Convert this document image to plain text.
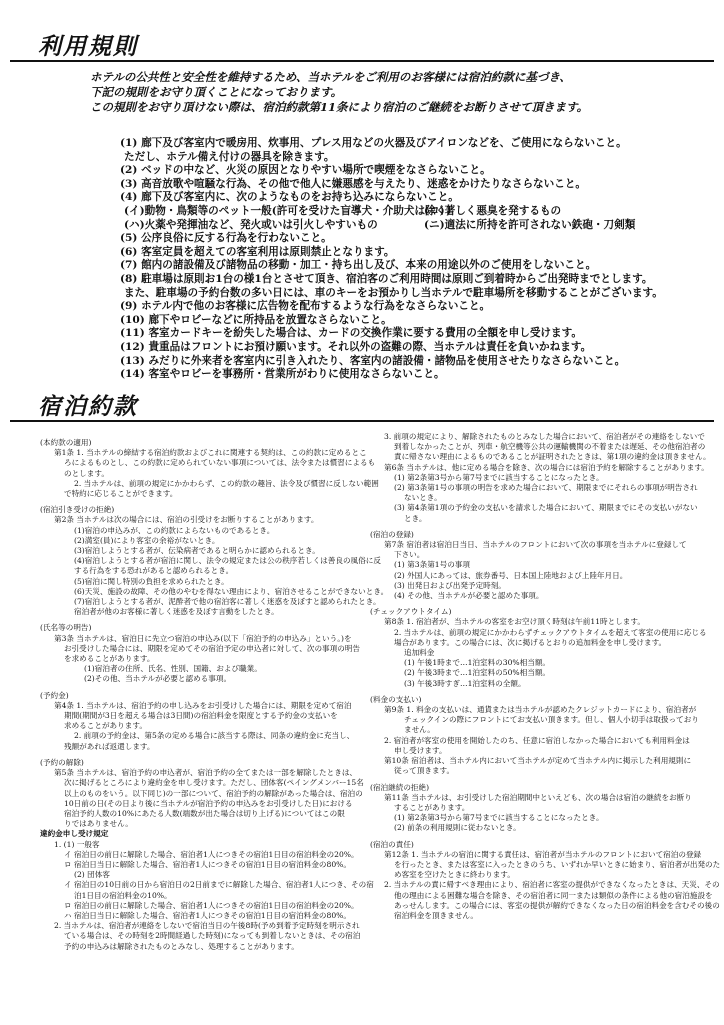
利用規則
ホテルの公共性と安全性を維持するため、当ホテルをご利用のお客様には宿泊約款に基づき、
下記の規則をお守り頂くことになっております。
この規則をお守り頂けない際は、宿泊約款第11条により宿泊のご継続をお断りさせて頂きます。
(1) 廊下及び客室内で暖房用、炊事用、プレス用などの火器及びアイロンなどを、ご使用にならないこと。
ただし、ホテル備え付けの器具を除きます。
(2) ベッドの中など、火災の原因となりやすい場所で喫煙をなさらないこと。
(3) 高音放歌や喧騒な行為、その他で他人に嫌悪感を与えたり、迷惑をかけたりなさらないこと。
(4) 廊下及び客室内に、次のようなものをお持ち込みにならないこと。
(イ)動物・鳥類等のペット一般(許可を受けた盲導犬・介助犬は除く)
(ロ)著しく悪臭を発するもの
(ハ)火薬や発揮油など、発火或いは引火しやすいもの	(ニ)適法に所持を許可されない鉄砲・刀剣類
(5) 公序良俗に反する行為を行わないこと。
(6) 客室定員を超えての客室利用は原則禁止となります。
(7) 館内の諸設備及び諸物品の移動・加工・持ち出し及び、本来の用途以外のご使用をしないこと。
(8) 駐車場は原則お1台の様1台とさせて頂き、宿泊客のご利用時間は原則ご到着時からご出発時までとします。
また、駐車場の予約台数の多い日には、車のキーをお預かりし当ホテルで駐車場所を移動することがございます。
(9) ホテル内で他のお客様に広告物を配布するような行為をなさらないこと。
(10) 廊下やロビーなどに所持品を放置なさらないこと。
(11) 客室カードキーを紛失した場合は、カードの交換作業に要する費用の全額を申し受けます。
(12) 貴重品はフロントにお預け願います。それ以外の盗難の際、当ホテルは責任を負いかねます。
(13) みだりに外来者を客室内に引き入れたり、客室内の諸設備・諸物品を使用させたりなさらないこと。
(14) 客室やロビーを事務所・営業所がわりに使用なさらないこと。
宿泊約款
(本約款の適用)
第1条 1. 当ホテルの締結する宿泊約款およびこれに関連する契約は、この約款に定めるとこ
ろによるものとし、この約款に定められていない事項については、法令または慣習によるも
のとします。
2. 当ホテルは、前項の規定にかかわらず、この約款の趣旨、法令及び慣習に反しない範囲
で特約に応じることができます。
(宿泊引き受けの拒絶)
第2条 当ホテルは次の場合には、宿泊の引受けをお断りすることがあります。
(1)宿泊の申込みが、この約款によらないものであるとき。
(2)満室(員)により客室の余裕がないとき。
(3)宿泊しようとする者が、伝染病者であると明らかに認められるとき。
(4)宿泊しようとする者が宿泊に関し、法令の規定または公の秩序若しくは善良の風俗に反
する行為をする恐れがあると認められるとき。
(5)宿泊に関し特別の負担を求められたとき。
(6)天災、施設の故障、その他のやむを得ない理由により、宿泊させることができないとき。
(7)宿泊しようとする者が、泥酔者で他の宿泊客に著しく迷惑を及ぼすと認められたとき。
宿泊者が他のお客様に著しく迷惑を及ぼす言動をしたとき。
(氏名等の明告)
第3条 当ホテルは、宿泊日に先立つ宿泊の申込み(以下「宿泊予約の申込み」という。)を
お引受けした場合には、期限を定めてその宿泊予定の申込者に対して、次の事項の明告
を求めることがあります。
(1)宿泊者の住所、氏名、性別、国籍、および職業。
(2)その他、当ホテルが必要と認める事項。
(予約金)
第4条 1. 当ホテルは、宿泊予約の申し込みをお引受けした場合には、期限を定めて宿泊
期間(期間が3日を超える場合は3日間)の宿泊料金を限度とする予約金の支払いを
求めることがあります。
2. 前項の予約金は、第5条の定める場合に該当する際は、同条の違約金に充当し、
残額があれば返還します。
(予約の解除)
第5条 当ホテルは、宿泊予約の申込者が、宿泊予約の全てまたは一部を解除したときは、
次に掲げるところにより違約金を申し受けます。ただし、団体客(ペイングメンバー15名
以上のものをいう。以下同じ)の一部について、宿泊予約の解除があった場合は、宿泊の
10日前の日(その日より後に当ホテルが宿泊予約の申込みをお引受けした日)における
宿泊予約人数の10%にあたる人数(端数が出た場合は切り上げる)についてはこの限
りではありません。
違約金申し受け規定
1. (1) 一般客
イ 宿泊日の前日に解除した場合、宿泊者1人につきその宿泊1日目の宿泊料金の20%。
ロ 宿泊日当日に解除した場合、宿泊者1人につきその宿泊1日目の宿泊料金の80%。
(2) 団体客
イ 宿泊日の10日前の日から宿泊日の2日前までに解除した場合、宿泊者1人につき、その宿
泊1日目の宿泊料金の10%。
ロ 宿泊日の前日に解除した場合、宿泊者1人につきその宿泊1日目の宿泊料金の20%。
ハ 宿泊日当日に解除した場合、宿泊者1人につきその宿泊1日目の宿泊料金の80%。
2. 当ホテルは、宿泊者が連絡をしないで宿泊当日の午後8時(予め到着予定時刻を明示され
ている場合は、その時刻を2時間経過した時刻)になっても到着しないときは、その宿泊
予約の申込みは解除されたものとみなし、処理することがあります。
3. 前項の規定により、解除されたものとみなした場合において、宿泊者がその連絡をしないで
到着しなかったことが、列車・航空機等公共の運輸機関の不着または遅延、その他宿泊者の
責に帰さない理由によるものであることが証明されたときは、第1項の違約金は頂きません。
第6条 当ホテルは、他に定める場合を除き、次の場合には宿泊予約を解除することがあります。
(1) 第2条第3号から第7号までに該当することになったとき。
(2) 第3条第1号の事項の明告を求めた場合において、期限までにそれらの事項が明告され
ないとき。
(3) 第4条第1項の予約金の支払いを請求した場合において、期限までにその支払いがない
とき。
(宿泊の登録)
第7条 宿泊者は宿泊日当日、当ホテルのフロントにおいて次の事項を当ホテルに登録して
下さい。
(1) 第3条第1号の事項
(2) 外国人にあっては、旅券番号、日本国上陸地および上陸年月日。
(3) 出発日および出発予定時刻。
(4) その他、当ホテルが必要と認めた事項。
(チェックアウトタイム)
第8条 1. 宿泊者が、当ホテルの客室をお空け頂く時刻は午前11時とします。
2. 当ホテルは、前項の規定にかかわらずチェックアウトタイムを超えて客室の使用に応じる
場合があります。この場合には、次に掲げるとおりの追加料金を申し受けます。
追加料金
(1) 午後1時まで…1泊室料の30%相当額。
(2) 午後3時まで…1泊室料の50%相当額。
(3) 午後3時すぎ…1泊室料の全額。
(料金の支払い)
第9条 1. 料金の支払いは、通貨または当ホテルが認めたクレジットカードにより、宿泊者が
チェックインの際にフロントにてお支払い頂きます。但し、個人小切手は取扱っており
ません。
2. 宿泊者が客室の使用を開始したのち、任意に宿泊しなかった場合においても利用料金は
申し受けます。
第10条 宿泊者は、当ホテル内において当ホテルが定めて当ホテル内に掲示した利用規則に
従って頂きます。
(宿泊継続の拒絶)
第11条 当ホテルは、お引受けした宿泊期間中といえども、次の場合は宿泊の継続をお断り
することがあります。
(1) 第2条第3号から第7号までに該当することになったとき。
(2) 前条の利用規則に従わないとき。
(宿泊の責任)
第12条 1. 当ホテルの宿泊に関する責任は、宿泊者が当ホテルのフロントにおいて宿泊の登録
を行ったとき、または客室に入ったときのうち、いずれか早いときに始まり、宿泊者が出発のた
め客室を空けたときに終わります。
2. 当ホテルの責に帰すべき理由により、宿泊者に客室の提供ができなくなったときは、天災、その
他の理由による困難な場合を除き、その宿泊者に同一または類似の条件による他の宿泊施設を
あっせんします。この場合には、客室の提供が解約できなくなった日の宿泊料金を含むその後の
宿泊料金を頂きません。
